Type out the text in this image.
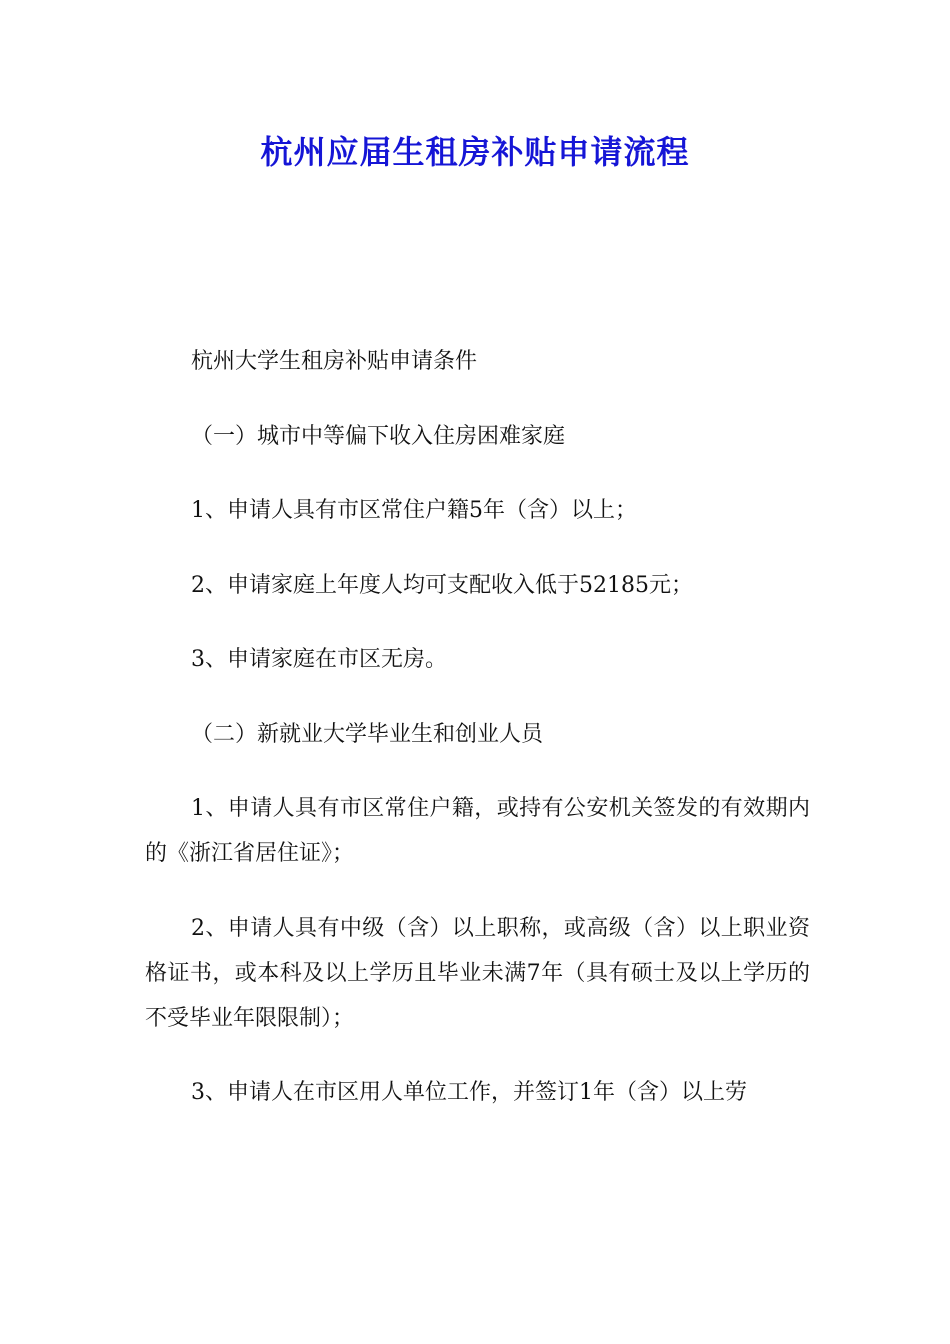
杭州应届生租房补贴申请流程

杭州大学生租房补贴申请条件

（一）城市中等偏下收入住房困难家庭

1、申请人具有市区常住户籍5年（含）以上；

2、申请家庭上年度人均可支配收入低于52185元；

3、申请家庭在市区无房。

（二）新就业大学毕业生和创业人员

1、申请人具有市区常住户籍，或持有公安机关签发的有效期内的《浙江省居住证》；

2、申请人具有中级（含）以上职称，或高级（含）以上职业资格证书，或本科及以上学历且毕业未满7年（具有硕士及以上学历的不受毕业年限限制）；

3、申请人在市区用人单位工作，并签订1年（含）以上劳
